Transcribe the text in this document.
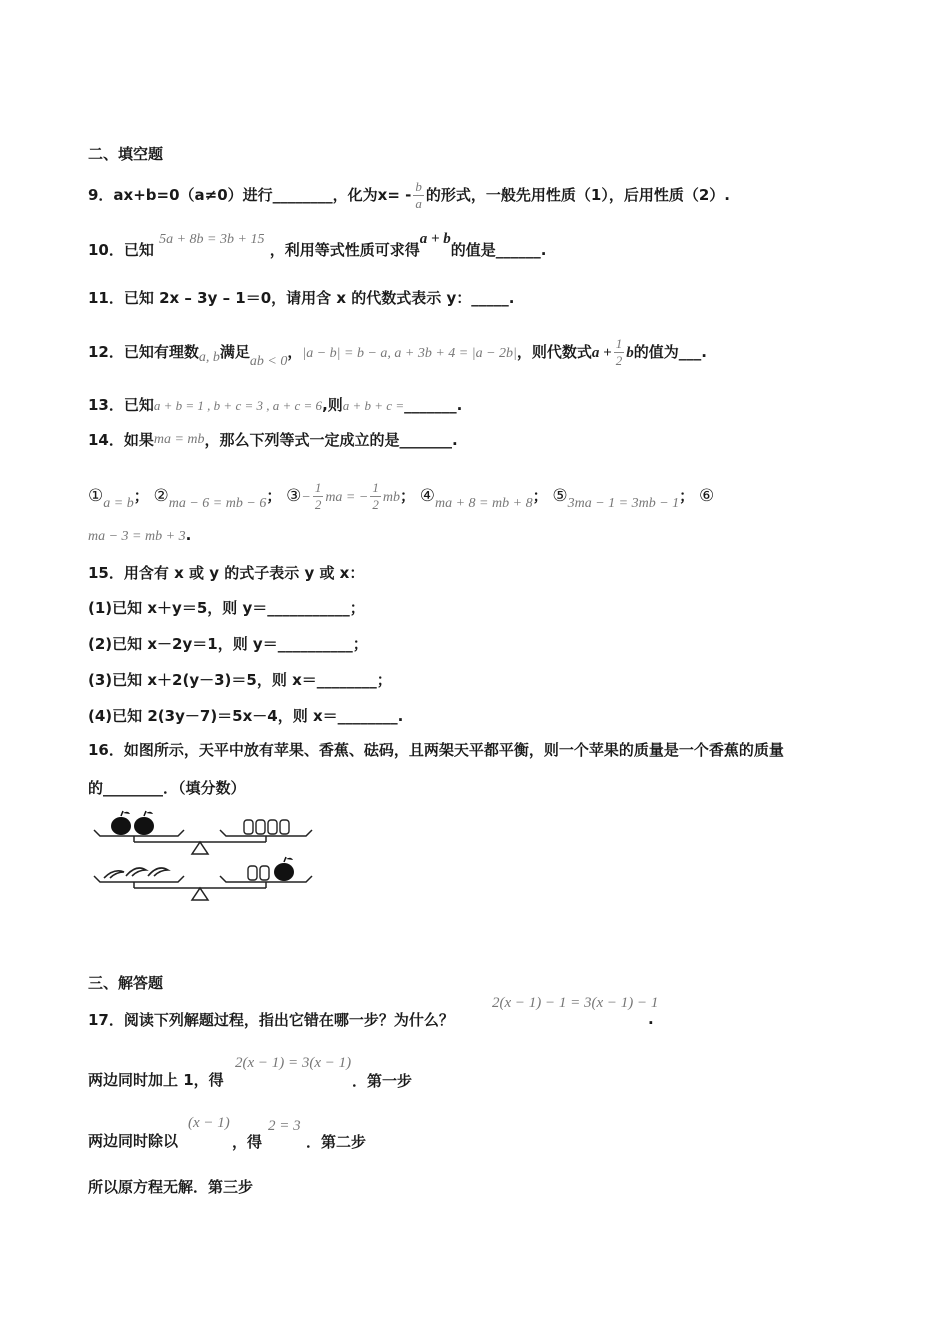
二、填空题
9．ax+b=0（a≠0）进行________，化为$x= - \frac{b}{a}$ 的形式，一般先用性质（1），后用性质（2）.
10．已知 5a + 8b = 3b + 15 ，利用等式性质可求得a + b的值是______.
11．已知 2x – 3y – 1＝0，请用含 x 的代数式表示 y：_____.
12．已知有理数a, b满足ab < 0，|a − b| = b − a, a + 3b + 4 = |a − 2b|，则代数式$a + \frac{1}{2}$ b的值为___.
13．已知a + b = 1 , b + c = 3 , a + c = 6,则a + b + c =_______.
14．如果ma = mb，那么下列等式一定成立的是_______.
①a = b； ②ma − 6 = mb − 6； ③− $\frac{1}{2}$ ma = − $\frac{1}{2}$ mb； ④ma + 8 = mb + 8； ⑤3ma − 1 = 3mb − 1； ⑥
ma − 3 = mb + 3.
15．用含有 x 或 y 的式子表示 y 或 x：
(1)已知 x＋y＝5，则 y＝___________；
(2)已知 x－2y＝1，则 y＝__________；
(3)已知 x＋2(y－3)＝5，则 x＝________；
(4)已知 2(3y－7)＝5x－4，则 x＝________.
16．如图所示，天平中放有苹果、香蕉、砝码，且两架天平都平衡，则一个苹果的质量是一个香蕉的质量
的________．（填分数）
三、解答题
17．阅读下列解题过程，指出它错在哪一步？为什么？
2(x − 1) − 1 = 3(x − 1) − 1
.
两边同时加上 1，得
2(x − 1) = 3(x − 1)
．第一步
两边同时除以
(x − 1)
，得
2 = 3
．第二步
所以原方程无解．第三步
